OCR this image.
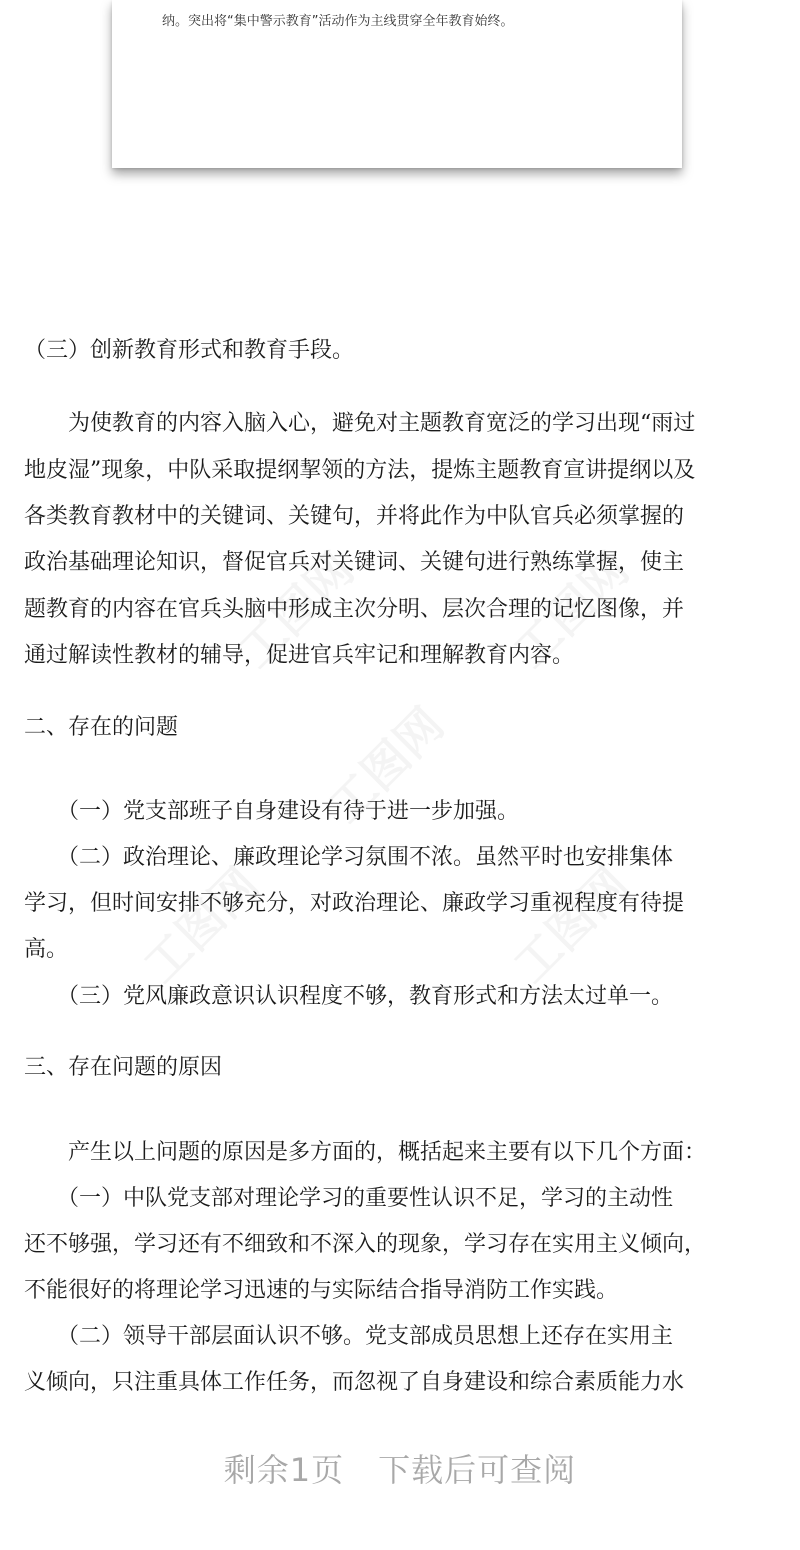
纳。突出将“集中警示教育”活动作为主线贯穿全年教育始终。
（三）创新教育形式和教育手段。
　　为使教育的内容入脑入心，避免对主题教育宽泛的学习出现“雨过
地皮湿”现象，中队采取提纲挈领的方法，提炼主题教育宣讲提纲以及
各类教育教材中的关键词、关键句，并将此作为中队官兵必须掌握的
政治基础理论知识，督促官兵对关键词、关键句进行熟练掌握，使主
题教育的内容在官兵头脑中形成主次分明、层次合理的记忆图像，并
通过解读性教材的辅导，促进官兵牢记和理解教育内容。
二、存在的问题
　　（一）党支部班子自身建设有待于进一步加强。
　　（二）政治理论、廉政理论学习氛围不浓。虽然平时也安排集体
学习，但时间安排不够充分，对政治理论、廉政学习重视程度有待提
高。
　　（三）党风廉政意识认识程度不够，教育形式和方法太过单一。
三、存在问题的原因
　　产生以上问题的原因是多方面的，概括起来主要有以下几个方面：
　　（一）中队党支部对理论学习的重要性认识不足，学习的主动性
还不够强，学习还有不细致和不深入的现象，学习存在实用主义倾向，
不能很好的将理论学习迅速的与实际结合指导消防工作实践。
　　（二）领导干部层面认识不够。党支部成员思想上还存在实用主
义倾向，只注重具体工作任务，而忽视了自身建设和综合素质能力水
剩余1页 下载后可查阅
